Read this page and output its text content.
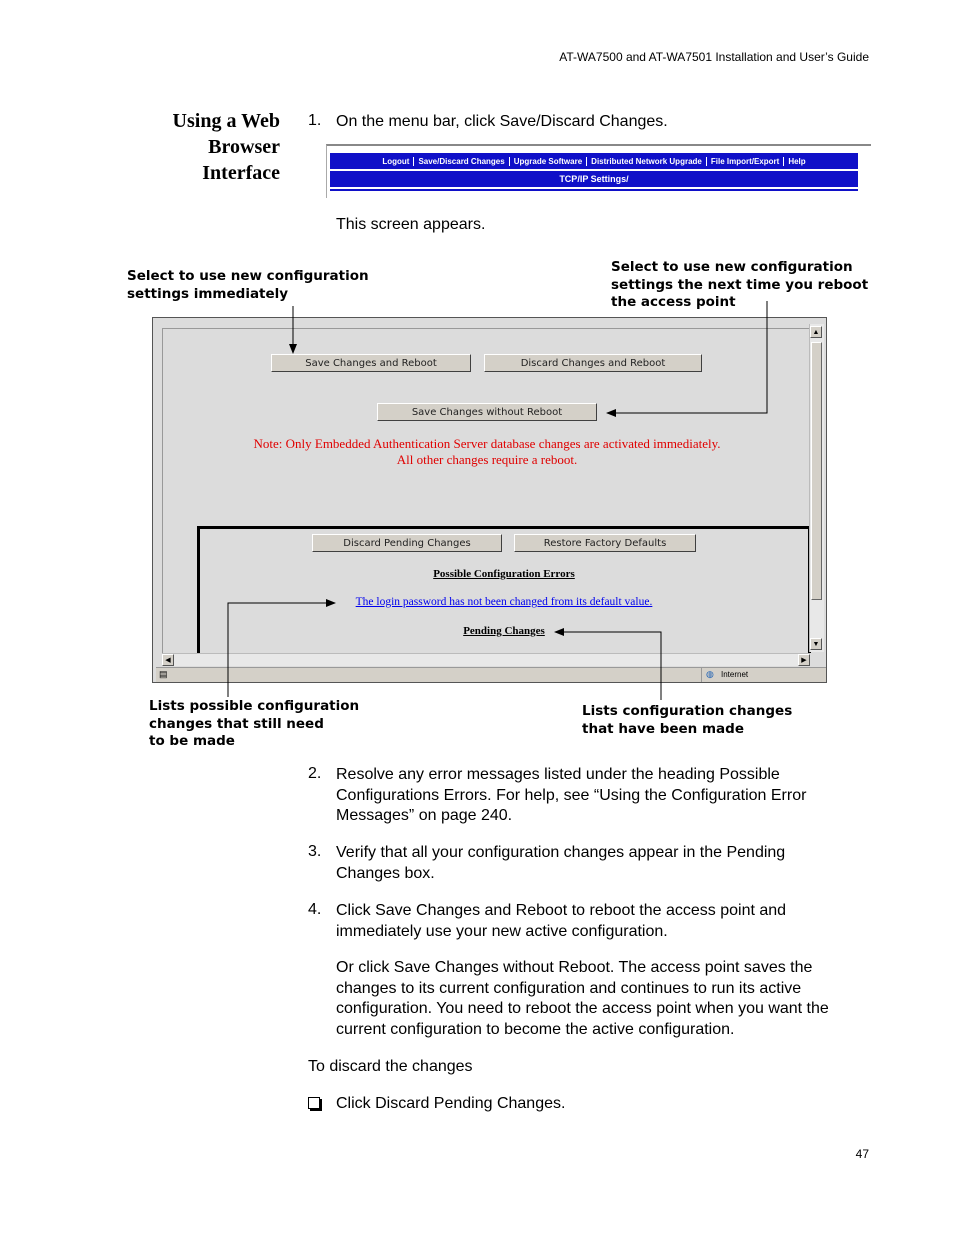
AT-WA7500 and AT-WA7501 Installation and User’s Guide
Using a Web
Browser
Interface
1. On the menu bar, click Save/Discard Changes.
Logout	Save/Discard Changes	Upgrade Software	Distributed Network Upgrade	File Import/Export	Help
TCP/IP Settings/
This screen appears.
Select to use new configuration
settings immediately
Select to use new configuration
settings the next time you reboot
the access point
Save Changes and Reboot	Discard Changes and Reboot
Save Changes without Reboot
Note: Only Embedded Authentication Server database changes are activated immediately.
All other changes require a reboot.
Discard Pending Changes	Restore Factory Defaults
Possible Configuration Errors
The login password has not been changed from its default value.
Pending Changes
▲
▼
◀	▶
▤	◍ Internet
Lists possible configuration
changes that still need
to be made
Lists configuration changes
that have been made
2. Resolve any error messages listed under the heading Possible
Configurations Errors. For help, see “Using the Configuration Error
Messages” on page 240.
3. Verify that all your configuration changes appear in the Pending
Changes box.
4. Click Save Changes and Reboot to reboot the access point and
immediately use your new active configuration.
Or click Save Changes without Reboot. The access point saves the
changes to its current configuration and continues to run its active
configuration. You need to reboot the access point when you want the
current configuration to become the active configuration.
To discard the changes
Click Discard Pending Changes.
47
